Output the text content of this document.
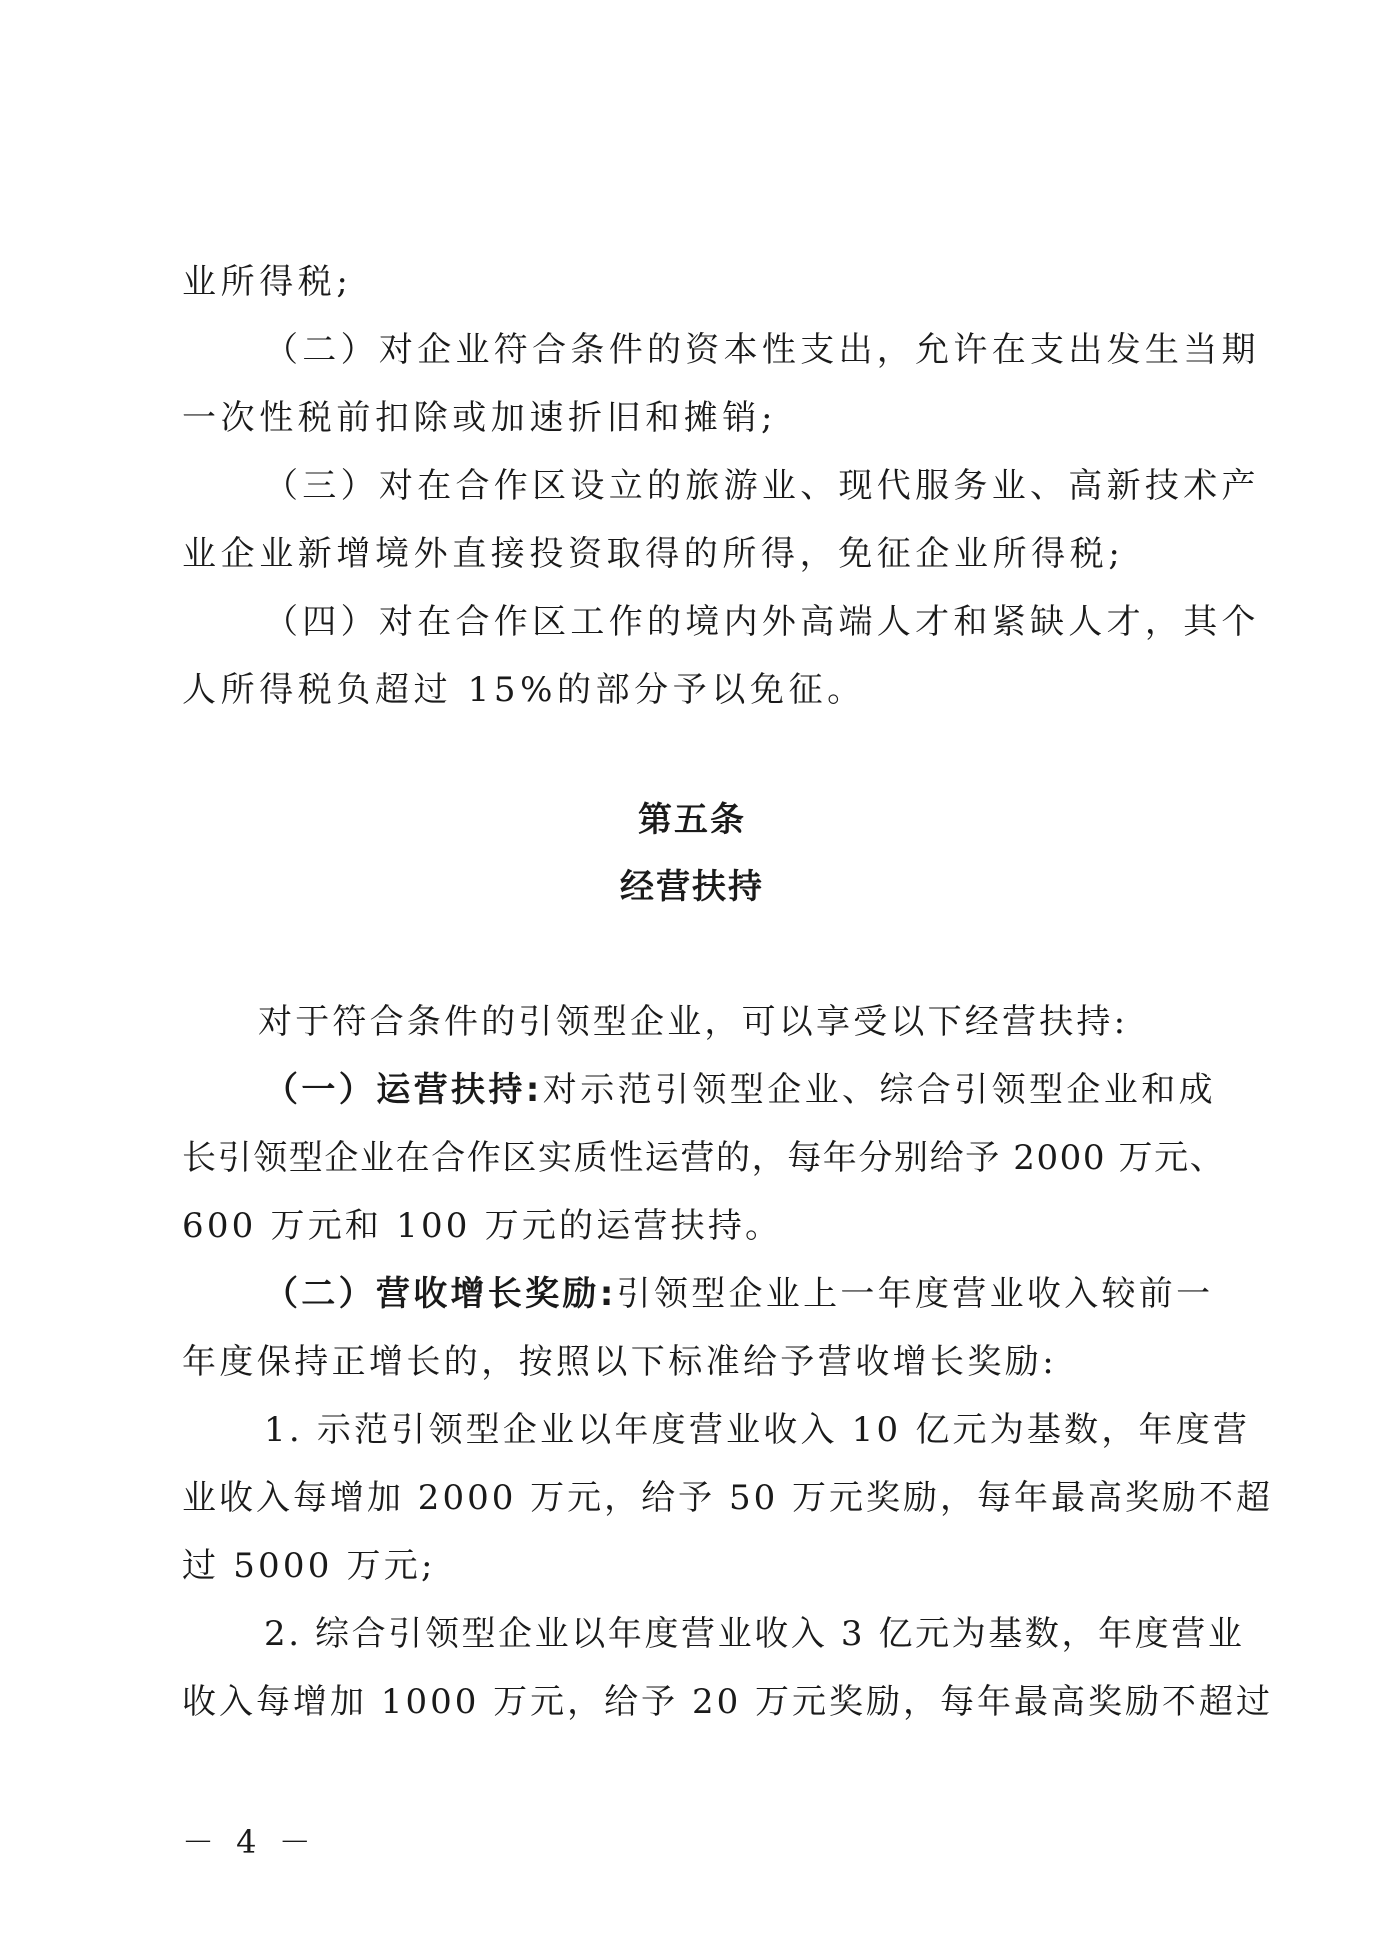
业所得税;
（二）对企业符合条件的资本性支出，允许在支出发生当期
一次性税前扣除或加速折旧和摊销;
（三）对在合作区设立的旅游业、现代服务业、高新技术产
业企业新增境外直接投资取得的所得，免征企业所得税;
（四）对在合作区工作的境内外高端人才和紧缺人才，其个
人所得税负超过 15%的部分予以免征。
第五条
经营扶持
对于符合条件的引领型企业，可以享受以下经营扶持:
（一）运营扶持:对示范引领型企业、综合引领型企业和成
长引领型企业在合作区实质性运营的，每年分别给予 2000 万元、
600 万元和 100 万元的运营扶持。
（二）营收增长奖励:引领型企业上一年度营业收入较前一
年度保持正增长的，按照以下标准给予营收增长奖励:
1. 示范引领型企业以年度营业收入 10 亿元为基数，年度营
业收入每增加 2000 万元，给予 50 万元奖励，每年最高奖励不超
过 5000 万元;
2. 综合引领型企业以年度营业收入 3 亿元为基数，年度营业
收入每增加 1000 万元，给予 20 万元奖励，每年最高奖励不超过
－ 4 －
